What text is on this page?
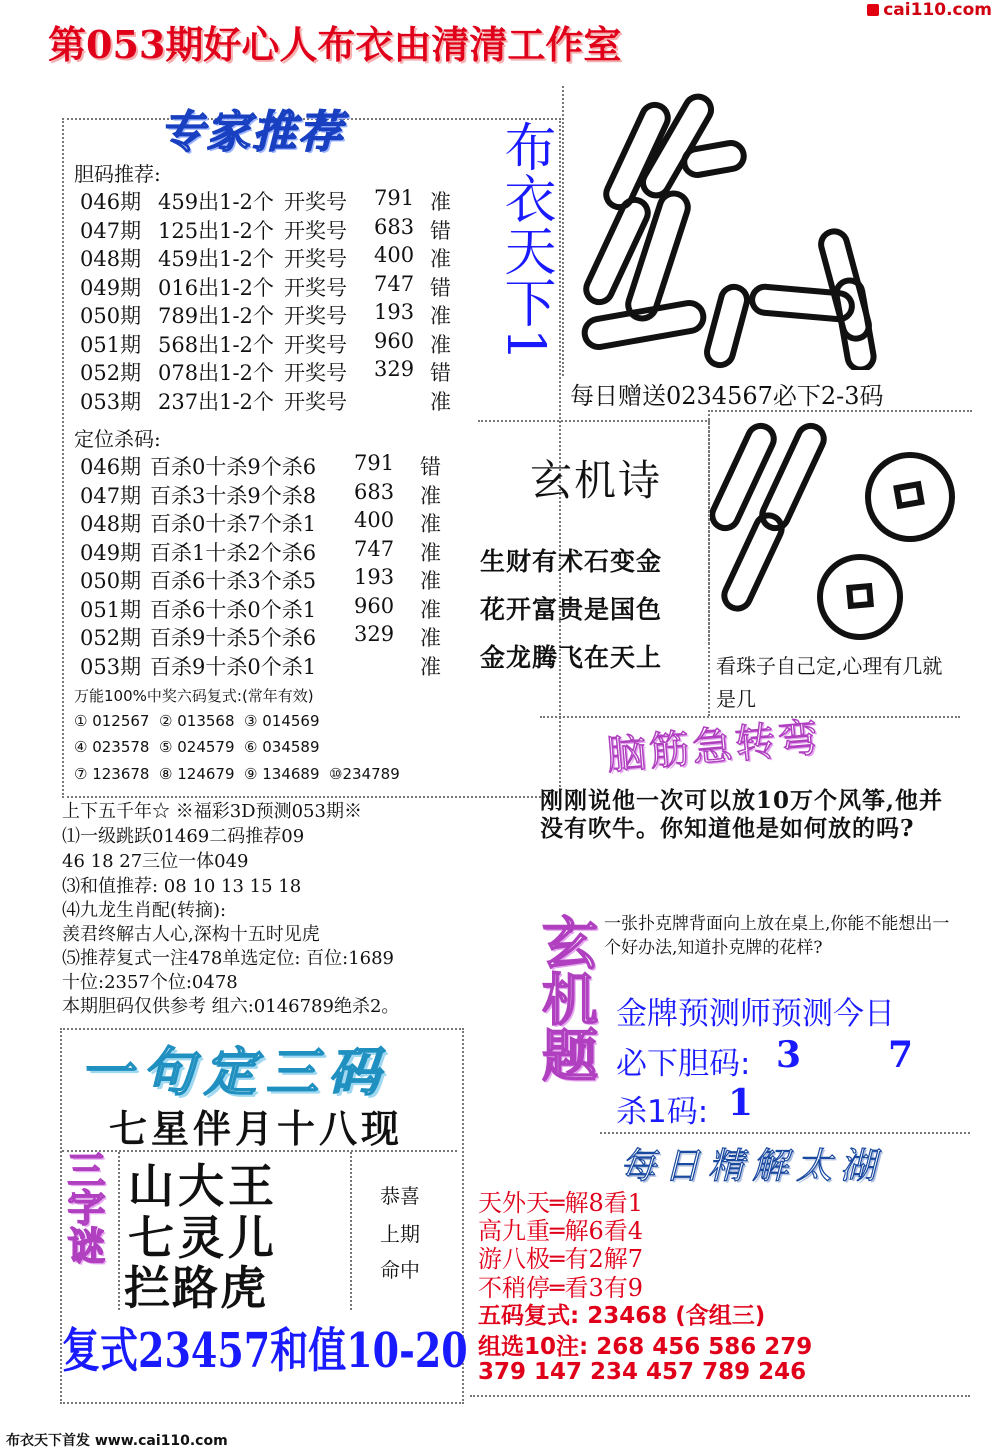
第053期好心人布衣由清清工作室
cai110.com
专家推荐
胆码推荐:
046期 459出1-2个 开奖号 791 准
047期 125出1-2个 开奖号 683 错
048期 459出1-2个 开奖号 400 准
049期 016出1-2个 开奖号 747 错
050期 789出1-2个 开奖号 193 准
051期 568出1-2个 开奖号 960 准
052期 078出1-2个 开奖号 329 错
053期 237出1-2个 开奖号	准
定位杀码:
046期 百杀0十杀9个杀6 791 错
047期 百杀3十杀9个杀8 683 准
048期 百杀0十杀7个杀1 400 准
049期 百杀1十杀2个杀6 747 准
050期 百杀6十杀3个杀5 193 准
051期 百杀6十杀0个杀1 960 准
052期 百杀9十杀5个杀6 329 准
053期 百杀9十杀0个杀1	准
万能100%中奖六码复式:(常年有效)
① 012567  ② 013568  ③ 014569
④ 023578  ⑤ 024579  ⑥ 034589
⑦ 123678  ⑧ 124679  ⑨ 134689  ⑩234789
上下五千年☆ ※福彩3D预测053期※
⑴一级跳跃01469二码推荐09
46 18 27三位一体049
⑶和值推荐: 08 10 13 15 18
⑷九龙生肖配(转摘):
羡君终解古人心,深构十五时见虎
⑸推荐复式一注478单选定位: 百位:1689
十位:2357个位:0478
本期胆码仅供参考 组六:0146789绝杀2。
一句定三码
七星伴月十八现
三字谜 山大王
七灵儿
拦路虎
恭喜
上期
命中
复式23457和值10-20
布衣天下1
每日赠送0234567必下2-3码
玄机诗
生财有术石变金
花开富贵是国色
金龙腾飞在天上	看珠子自己定,心理有几就是几
脑筋急转弯
刚刚说他一次可以放10万个风筝,他并没有吹牛。你知道他是如何放的吗?
玄机题 一张扑克牌背面向上放在桌上,你能不能想出一个好办法,知道扑克牌的花样?
金牌预测师预测今日
必下胆码: 3 7
杀1码: 1
每日精解太湖
天外天═解8看1
高九重═解6看4
游八极═有2解7
不稍停═看3有9
五码复式: 23468 (含组三)
组选10注: 268 456 586 279
379 147 234 457 789 246
布衣天下首发 www.cai110.com
